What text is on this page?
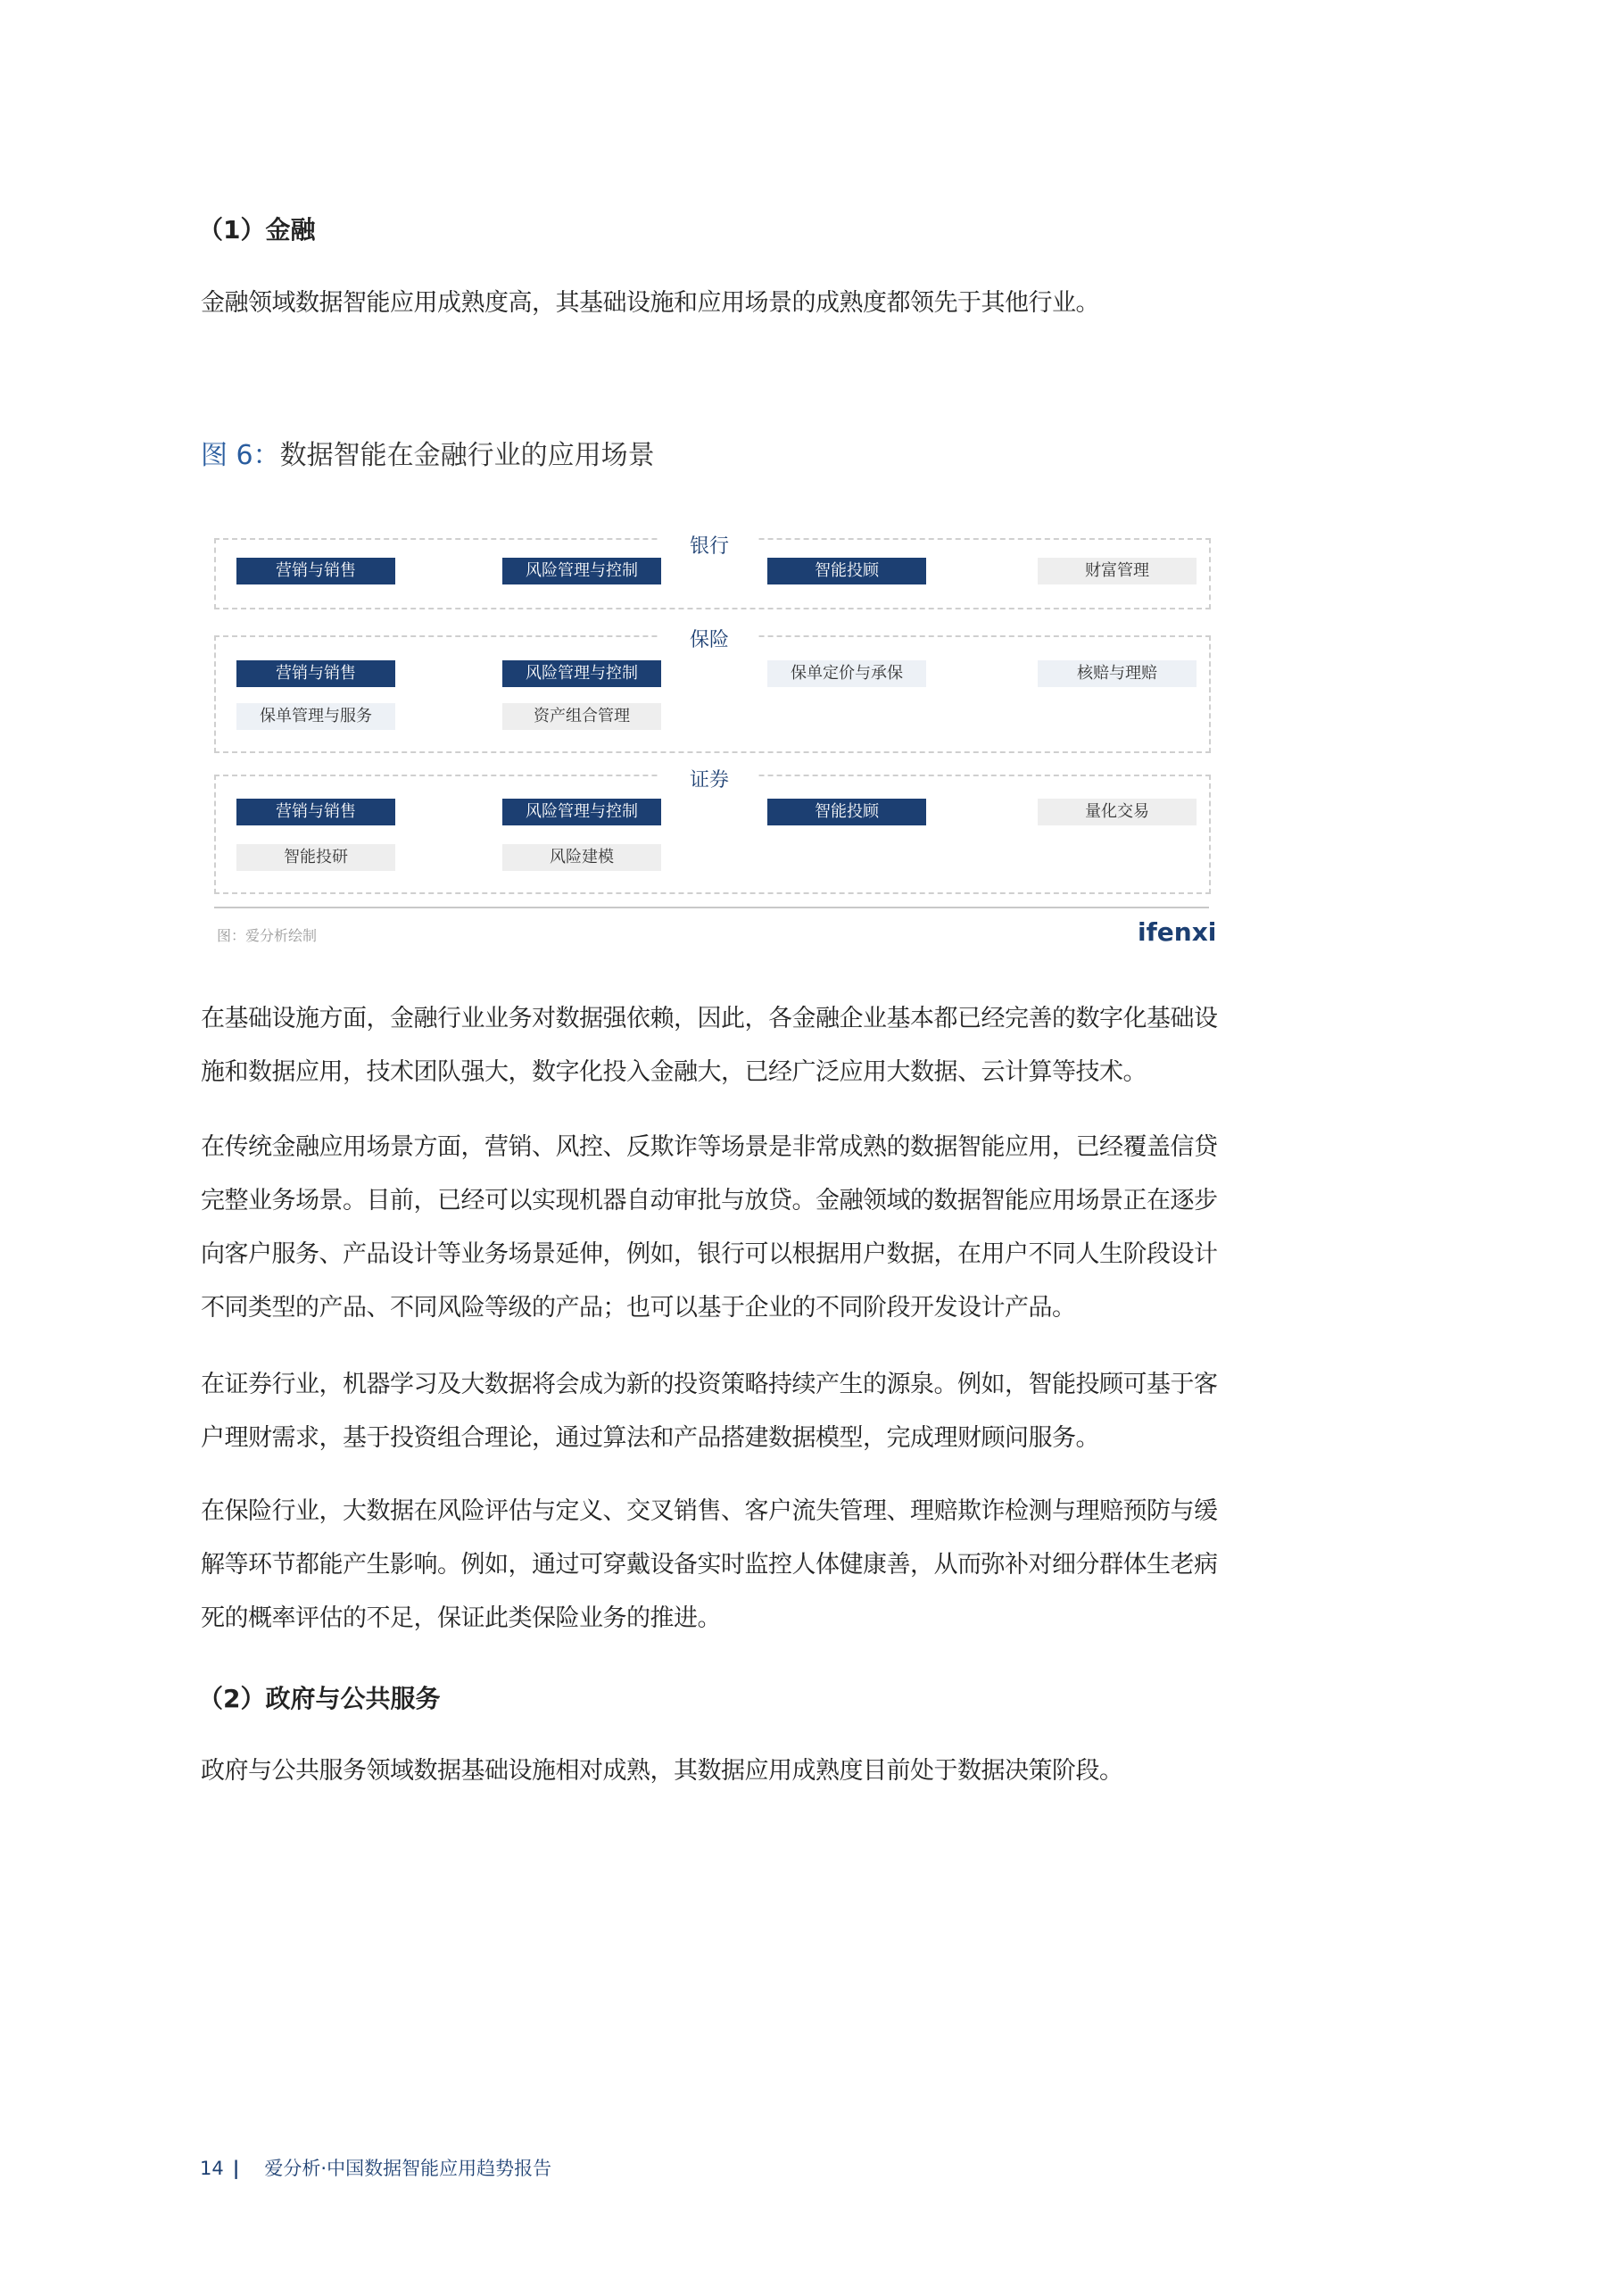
（1）金融
金融领域数据智能应用成熟度高，其基础设施和应用场景的成熟度都领先于其他行业。
图 6：数据智能在金融行业的应用场景
银行
保险
证券
营销与销售	风险管理与控制	智能投顾	财富管理
营销与销售	风险管理与控制	保单定价与承保	核赔与理赔
保单管理与服务	资产组合管理
营销与销售	风险管理与控制	智能投顾	量化交易
智能投研	风险建模
图：爱分析绘制	ifenxi
在基础设施方面，金融行业业务对数据强依赖，因此，各金融企业基本都已经完善的数字化基础设施和数据应用，技术团队强大，数字化投入金融大，已经广泛应用大数据、云计算等技术。
在传统金融应用场景方面，营销、风控、反欺诈等场景是非常成熟的数据智能应用，已经覆盖信贷完整业务场景。目前，已经可以实现机器自动审批与放贷。金融领域的数据智能应用场景正在逐步向客户服务、产品设计等业务场景延伸，例如，银行可以根据用户数据，在用户不同人生阶段设计不同类型的产品、不同风险等级的产品；也可以基于企业的不同阶段开发设计产品。
在证券行业，机器学习及大数据将会成为新的投资策略持续产生的源泉。例如，智能投顾可基于客户理财需求，基于投资组合理论，通过算法和产品搭建数据模型，完成理财顾问服务。
在保险行业，大数据在风险评估与定义、交叉销售、客户流失管理、理赔欺诈检测与理赔预防与缓解等环节都能产生影响。例如，通过可穿戴设备实时监控人体健康善，从而弥补对细分群体生老病死的概率评估的不足，保证此类保险业务的推进。
（2）政府与公共服务
政府与公共服务领域数据基础设施相对成熟，其数据应用成熟度目前处于数据决策阶段。
14 | 爱分析·中国数据智能应用趋势报告
